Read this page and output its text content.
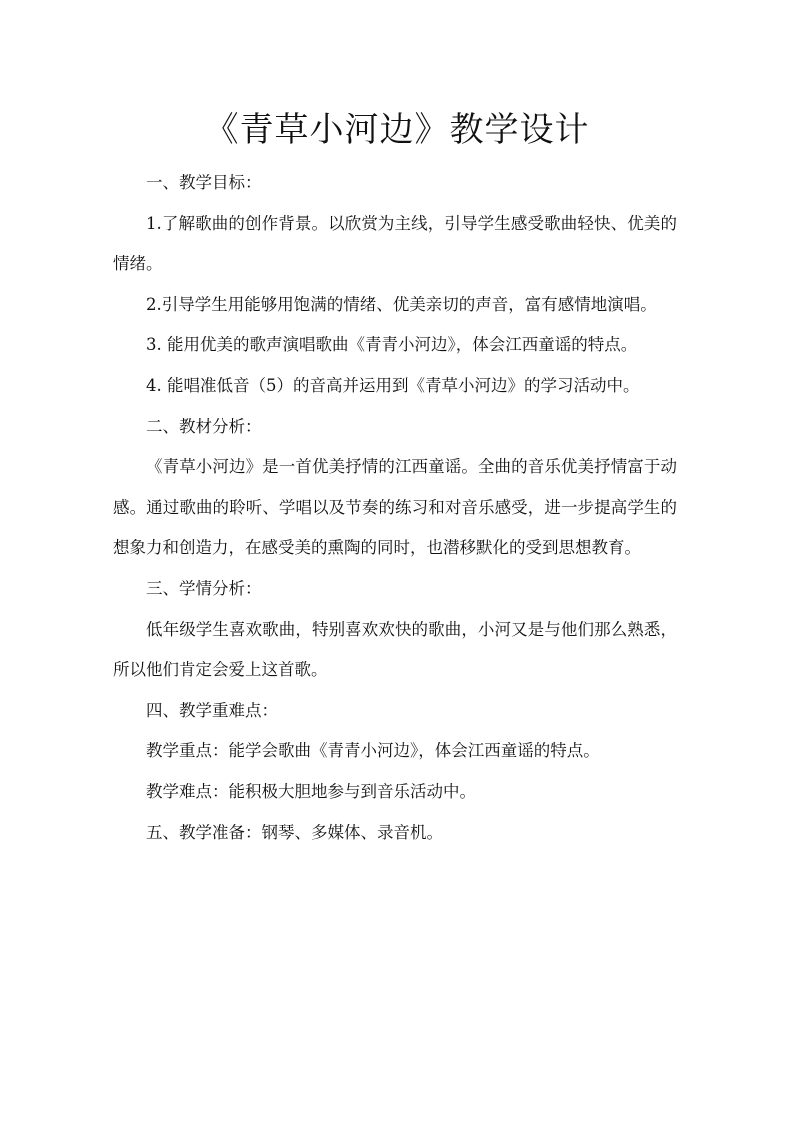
《青草小河边》教学设计

一、教学目标：

1.了解歌曲的创作背景。以欣赏为主线，引导学生感受歌曲轻快、优美的情绪。

2.引导学生用能够用饱满的情绪、优美亲切的声音，富有感情地演唱。

3. 能用优美的歌声演唱歌曲《青青小河边》，体会江西童谣的特点。

4. 能唱准低音（5）的音高并运用到《青草小河边》的学习活动中。

二、教材分析：

《青草小河边》是一首优美抒情的江西童谣。全曲的音乐优美抒情富于动感。通过歌曲的聆听、学唱以及节奏的练习和对音乐感受，进一步提高学生的想象力和创造力，在感受美的熏陶的同时，也潜移默化的受到思想教育。

三、学情分析：

低年级学生喜欢歌曲，特别喜欢欢快的歌曲，小河又是与他们那么熟悉，所以他们肯定会爱上这首歌。

四、教学重难点：

教学重点：能学会歌曲《青青小河边》，体会江西童谣的特点。

教学难点：能积极大胆地参与到音乐活动中。

五、教学准备：钢琴、多媒体、录音机。
